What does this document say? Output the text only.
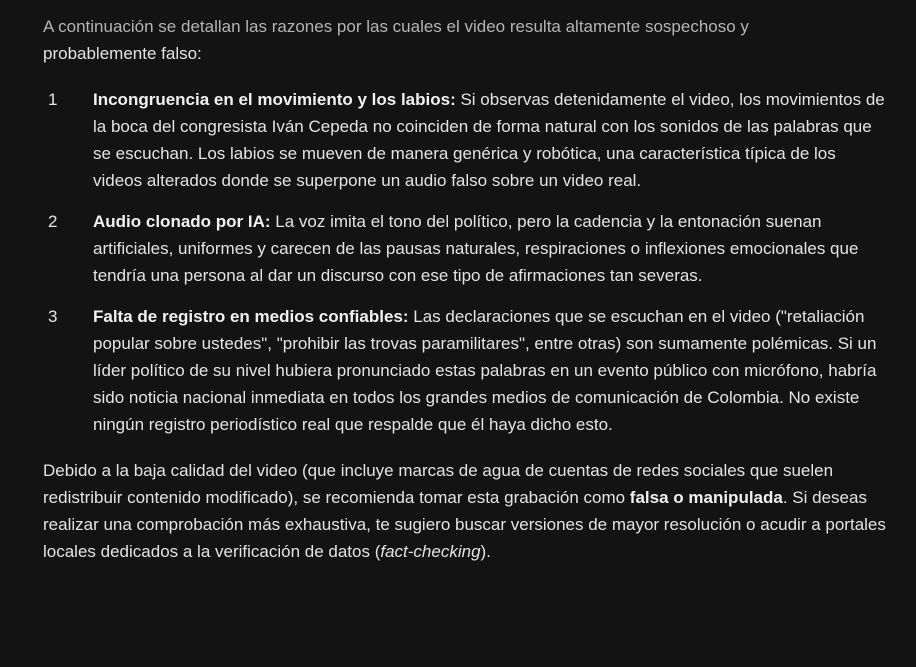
A continuación se detallan las razones por las cuales el video resulta altamente sospechoso y
probablemente falso:

1 Incongruencia en el movimiento y los labios: Si observas detenidamente el video, los movimientos de la boca del congresista Iván Cepeda no coinciden de forma natural con los sonidos de las palabras que se escuchan. Los labios se mueven de manera genérica y robótica, una característica típica de los videos alterados donde se superpone un audio falso sobre un video real.
2 Audio clonado por IA: La voz imita el tono del político, pero la cadencia y la entonación suenan artificiales, uniformes y carecen de las pausas naturales, respiraciones o inflexiones emocionales que tendría una persona al dar un discurso con ese tipo de afirmaciones tan severas.
3 Falta de registro en medios confiables: Las declaraciones que se escuchan en el video ("retaliación popular sobre ustedes", "prohibir las trovas paramilitares", entre otras) son sumamente polémicas. Si un líder político de su nivel hubiera pronunciado estas palabras en un evento público con micrófono, habría sido noticia nacional inmediata en todos los grandes medios de comunicación de Colombia. No existe ningún registro periodístico real que respalde que él haya dicho esto.

Debido a la baja calidad del video (que incluye marcas de agua de cuentas de redes sociales que suelen redistribuir contenido modificado), se recomienda tomar esta grabación como falsa o manipulada. Si deseas realizar una comprobación más exhaustiva, te sugiero buscar versiones de mayor resolución o acudir a portales locales dedicados a la verificación de datos (fact-checking).
